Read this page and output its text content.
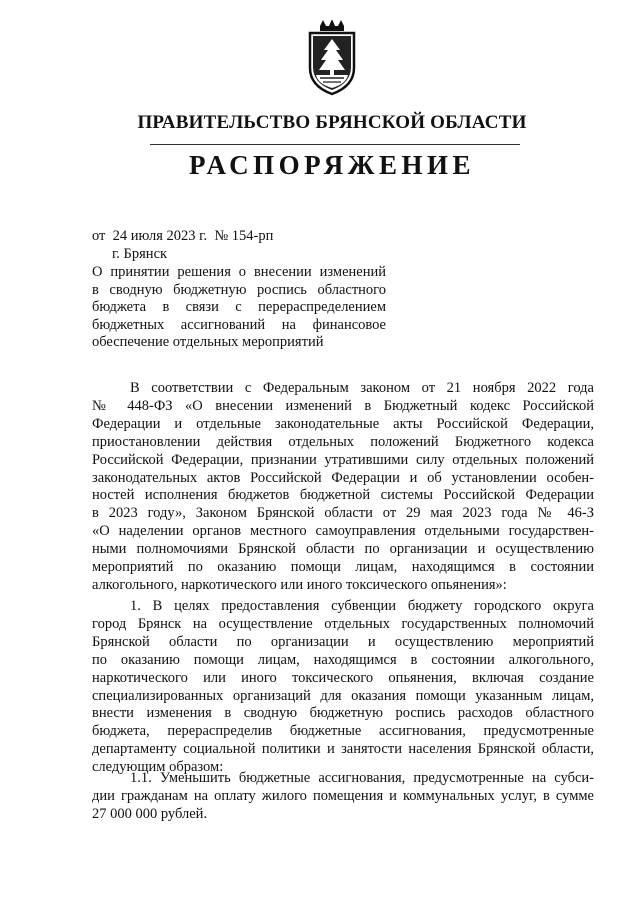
ПРАВИТЕЛЬСТВО БРЯНСКОЙ ОБЛАСТИ
РАСПОРЯЖЕНИЕ
от  24 июля 2023 г.  № 154-рп
г. Брянск
О принятии решения о внесении изменений
в сводную бюджетную роспись областного
бюджета в связи с перераспределением
бюджетных ассигнований на финансовое
обеспечение отдельных мероприятий
В соответствии с Федеральным законом от 21 ноября 2022 года
№ 448-ФЗ «О внесении изменений в Бюджетный кодекс Российской
Федерации и отдельные законодательные акты Российской Федерации,
приостановлении действия отдельных положений Бюджетного кодекса
Российской Федерации, признании утратившими силу отдельных положений
законодательных актов Российской Федерации и об установлении особен-
ностей исполнения бюджетов бюджетной системы Российской Федерации
в 2023 году», Законом Брянской области от 29 мая 2023 года № 46-З
«О наделении органов местного самоуправления отдельными государствен-
ными полномочиями Брянской области по организации и осуществлению
мероприятий по оказанию помощи лицам, находящимся в состоянии
алкогольного, наркотического или иного токсического опьянения»:
1. В целях предоставления субвенции бюджету городского округа
город Брянск на осуществление отдельных государственных полномочий
Брянской области по организации и осуществлению мероприятий
по оказанию помощи лицам, находящимся в состоянии алкогольного,
наркотического или иного токсического опьянения, включая создание
специализированных организаций для оказания помощи указанным лицам,
внести изменения в сводную бюджетную роспись расходов областного
бюджета, перераспределив бюджетные ассигнования, предусмотренные
департаменту социальной политики и занятости населения Брянской области,
следующим образом:
1.1. Уменьшить бюджетные ассигнования, предусмотренные на субси-
дии гражданам на оплату жилого помещения и коммунальных услуг, в сумме
27 000 000 рублей.
